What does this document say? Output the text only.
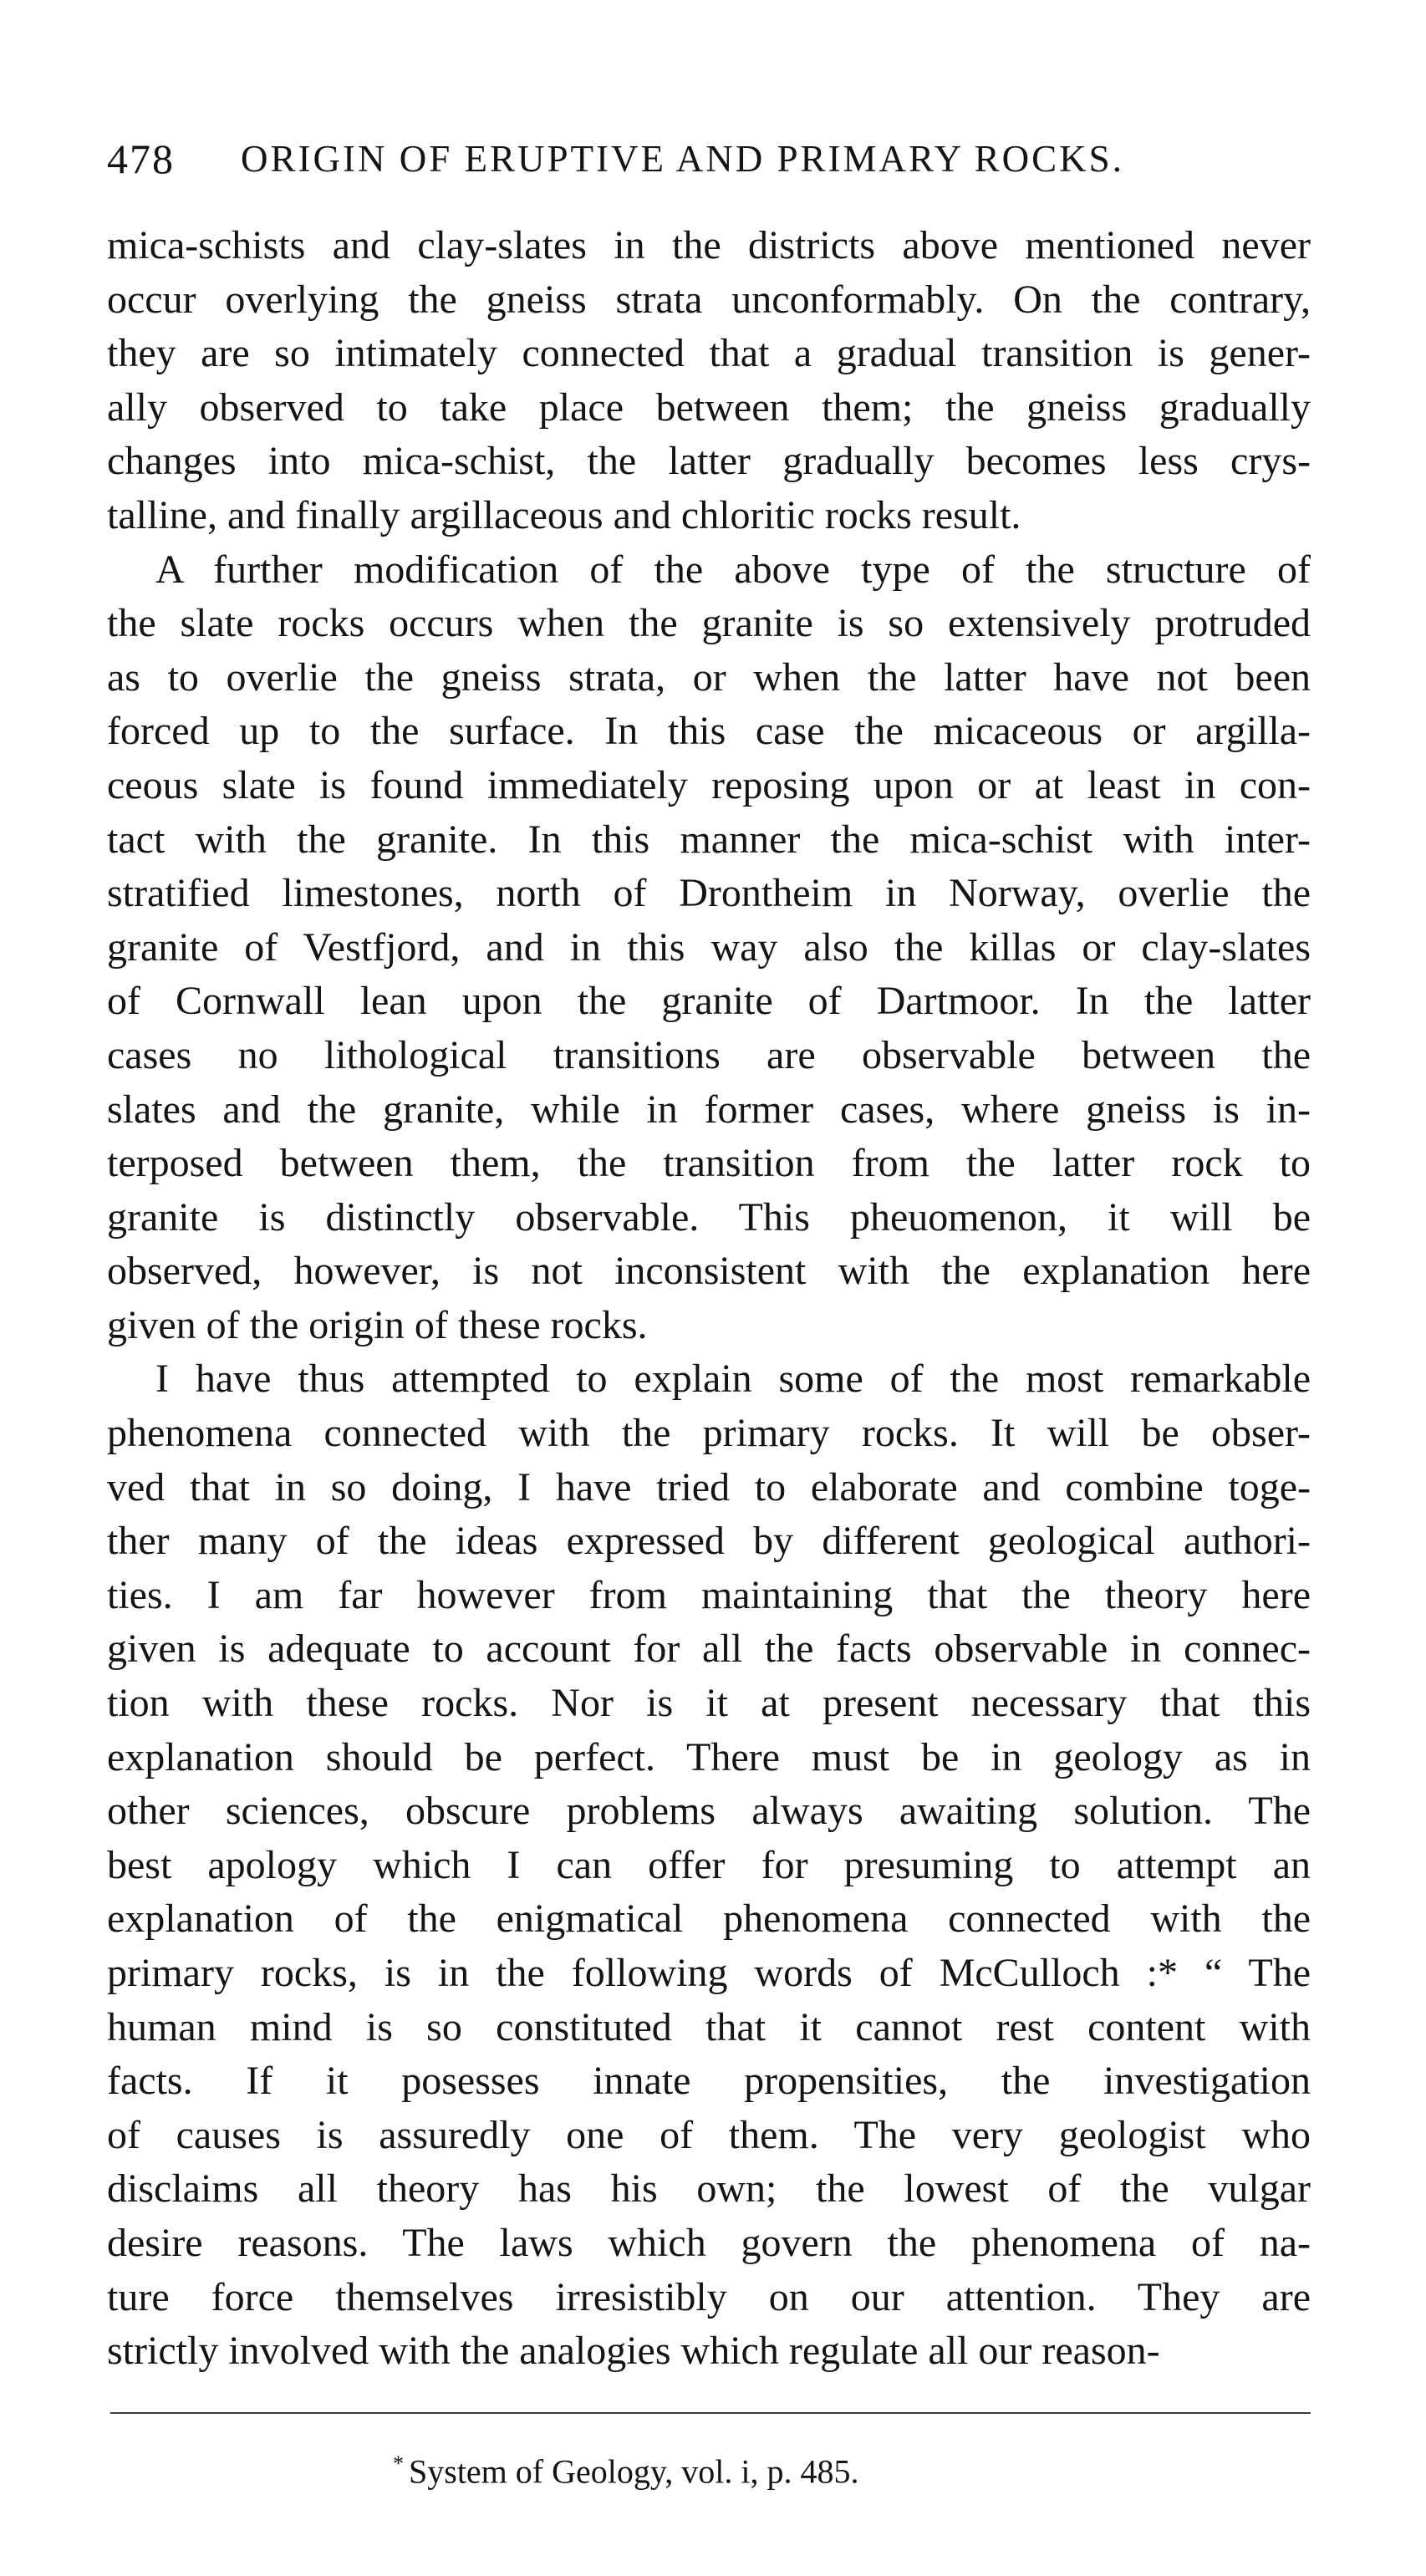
478 ORIGIN OF ERUPTIVE AND PRIMARY ROCKS.
mica-schists and clay-slates in the districts above mentioned never
occur overlying the gneiss strata unconformably. On the contrary,
they are so intimately connected that a gradual transition is gener-
ally observed to take place between them; the gneiss gradually
changes into mica-schist, the latter gradually becomes less crys-
talline, and finally argillaceous and chloritic rocks result.
A further modification of the above type of the structure of
the slate rocks occurs when the granite is so extensively protruded
as to overlie the gneiss strata, or when the latter have not been
forced up to the surface. In this case the micaceous or argilla-
ceous slate is found immediately reposing upon or at least in con-
tact with the granite. In this manner the mica-schist with inter-
stratified limestones, north of Drontheim in Norway, overlie the
granite of Vestfjord, and in this way also the killas or clay-slates
of Cornwall lean upon the granite of Dartmoor. In the latter
cases no lithological transitions are observable between the
slates and the granite, while in former cases, where gneiss is in-
terposed between them, the transition from the latter rock to
granite is distinctly observable. This pheuomenon, it will be
observed, however, is not inconsistent with the explanation here
given of the origin of these rocks.
I have thus attempted to explain some of the most remarkable
phenomena connected with the primary rocks. It will be obser-
ved that in so doing, I have tried to elaborate and combine toge-
ther many of the ideas expressed by different geological authori-
ties. I am far however from maintaining that the theory here
given is adequate to account for all the facts observable in connec-
tion with these rocks. Nor is it at present necessary that this
explanation should be perfect. There must be in geology as in
other sciences, obscure problems always awaiting solution. The
best apology which I can offer for presuming to attempt an
explanation of the enigmatical phenomena connected with the
primary rocks, is in the following words of McCulloch :* “ The
human mind is so constituted that it cannot rest content with
facts. If it posesses innate propensities, the investigation
of causes is assuredly one of them. The very geologist who
disclaims all theory has his own; the lowest of the vulgar
desire reasons. The laws which govern the phenomena of na-
ture force themselves irresistibly on our attention. They are
strictly involved with the analogies which regulate all our reason-
* System of Geology, vol. i, p. 485.
